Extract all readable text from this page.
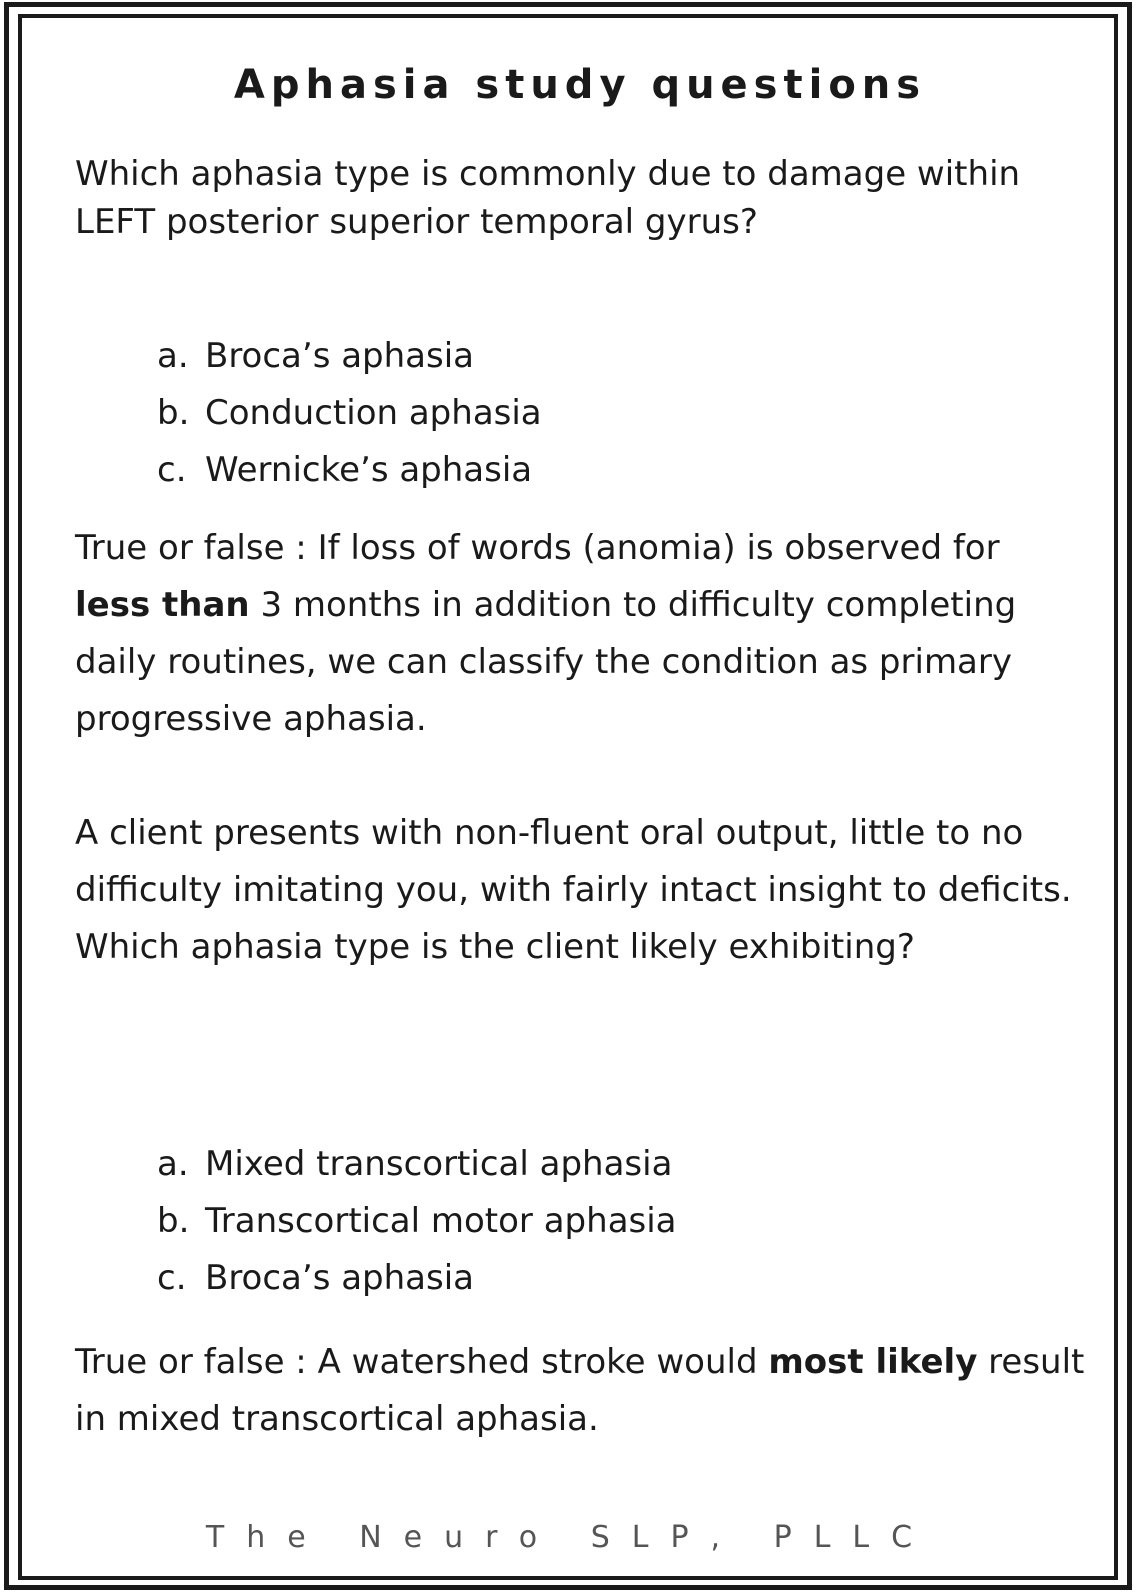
Aphasia study questions

Which aphasia type is commonly due to damage within LEFT posterior superior temporal gyrus?

a. Broca’s aphasia
b. Conduction aphasia
c. Wernicke’s aphasia

True or false : If loss of words (anomia) is observed for less than 3 months in addition to difficulty completing daily routines, we can classify the condition as primary progressive aphasia.

A client presents with non-fluent oral output, little to no difficulty imitating you, with fairly intact insight to deficits. Which aphasia type is the client likely exhibiting?

a. Mixed transcortical aphasia
b. Transcortical motor aphasia
c. Broca’s aphasia

True or false : A watershed stroke would most likely result in mixed transcortical aphasia.

The Neuro SLP, PLLC
